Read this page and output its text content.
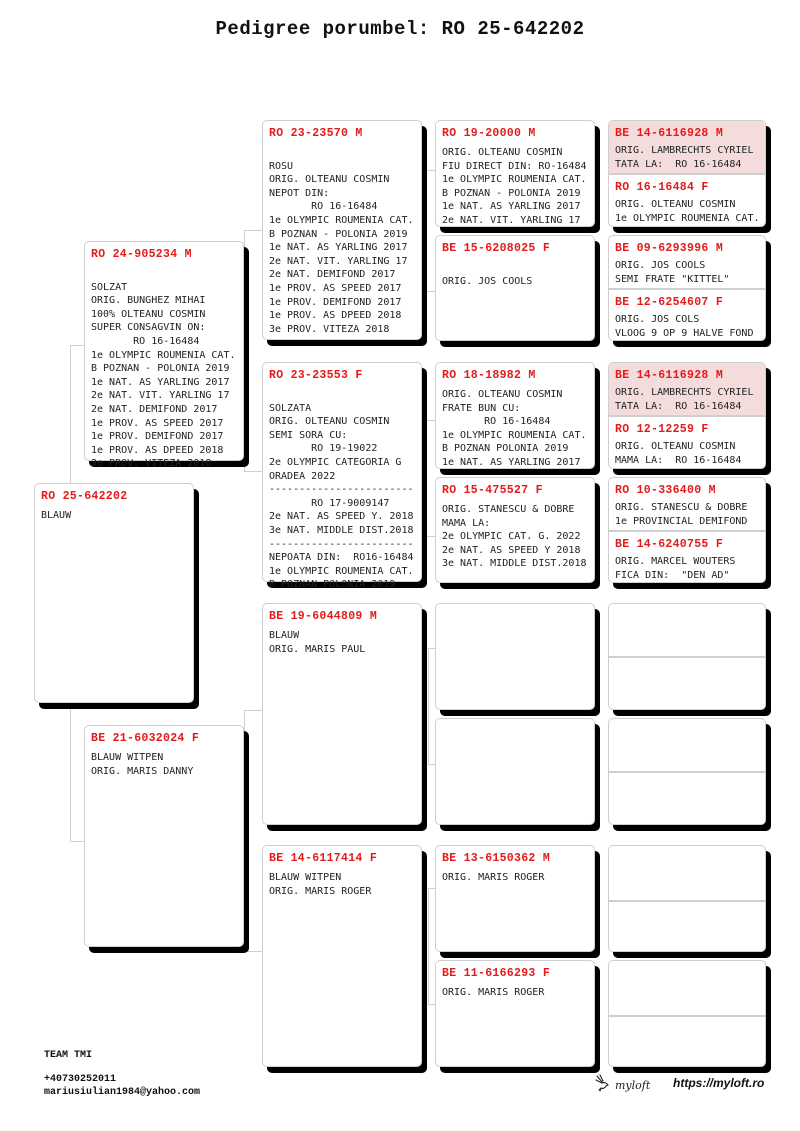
Pedigree porumbel: RO 25-642202
RO 25-642202
BLAUW
RO 24-905234 M

SOLZAT
ORIG. BUNGHEZ MIHAI
100% OLTEANU COSMIN
SUPER CONSAGVIN ON:
RO 16-16484
1e OLYMPIC ROUMENIA CAT.
B POZNAN - POLONIA 2019
1e NAT. AS YARLING 2017
2e NAT. VIT. YARLING 17
2e NAT. DEMIFOND 2017
1e PROV. AS SPEED 2017
1e PROV. DEMIFOND 2017
1e PROV. AS DPEED 2018
3e PROV. VITEZA 2018
BE 21-6032024 F
BLAUW WITPEN
ORIG. MARIS DANNY
RO 23-23570 M

ROSU
ORIG. OLTEANU COSMIN
NEPOT DIN:
RO 16-16484
1e OLYMPIC ROUMENIA CAT.
B POZNAN - POLONIA 2019
1e NAT. AS YARLING 2017
2e NAT. VIT. YARLING 17
2e NAT. DEMIFOND 2017
1e PROV. AS SPEED 2017
1e PROV. DEMIFOND 2017
1e PROV. AS DPEED 2018
3e PROV. VITEZA 2018
RO 23-23553 F

SOLZATA
ORIG. OLTEANU COSMIN
SEMI SORA CU:
RO 19-19022
2e OLYMPIC CATEGORIA G
ORADEA 2022
------------------------
RO 17-9009147
2e NAT. AS SPEED Y. 2018
3e NAT. MIDDLE DIST.2018
------------------------
NEPOATA DIN:  RO16-16484
1e OLYMPIC ROUMENIA CAT.
B POZNAN POLONIA 2019
BE 19-6044809 M
BLAUW
ORIG. MARIS PAUL
BE 14-6117414 F
BLAUW WITPEN
ORIG. MARIS ROGER
RO 19-20000 M
ORIG. OLTEANU COSMIN
FIU DIRECT DIN: RO-16484
1e OLYMPIC ROUMENIA CAT.
B POZNAN - POLONIA 2019
1e NAT. AS YARLING 2017
2e NAT. VIT. YARLING 17
BE 15-6208025 F

ORIG. JOS COOLS
RO 18-18982 M
ORIG. OLTEANU COSMIN
FRATE BUN CU:
RO 16-16484
1e OLYMPIC ROUMENIA CAT.
B POZNAN POLONIA 2019
1e NAT. AS YARLING 2017
RO 15-475527 F
ORIG. STANESCU & DOBRE
MAMA LA:
2e OLYMPIC CAT. G. 2022
2e NAT. AS SPEED Y 2018
3e NAT. MIDDLE DIST.2018
BE 13-6150362 M
ORIG. MARIS ROGER
BE 11-6166293 F
ORIG. MARIS ROGER
BE 14-6116928 M
ORIG. LAMBRECHTS CYRIEL
TATA LA:  RO 16-16484
RO 16-16484 F
ORIG. OLTEANU COSMIN
1e OLYMPIC ROUMENIA CAT.
BE 09-6293996 M
ORIG. JOS COOLS
SEMI FRATE "KITTEL"
BE 12-6254607 F
ORIG. JOS COLS
VLOOG 9 OP 9 HALVE FOND
BE 14-6116928 M
ORIG. LAMBRECHTS CYRIEL
TATA LA:  RO 16-16484
RO 12-12259 F
ORIG. OLTEANU COSMIN
MAMA LA:  RO 16-16484
RO 10-336400 M
ORIG. STANESCU & DOBRE
1e PROVINCIAL DEMIFOND
BE 14-6240755 F
ORIG. MARCEL WOUTERS
FICA DIN:  "DEN AD"
TEAM TMI
+40730252011
mariusiulian1984@yahoo.com
myloft https://myloft.ro
